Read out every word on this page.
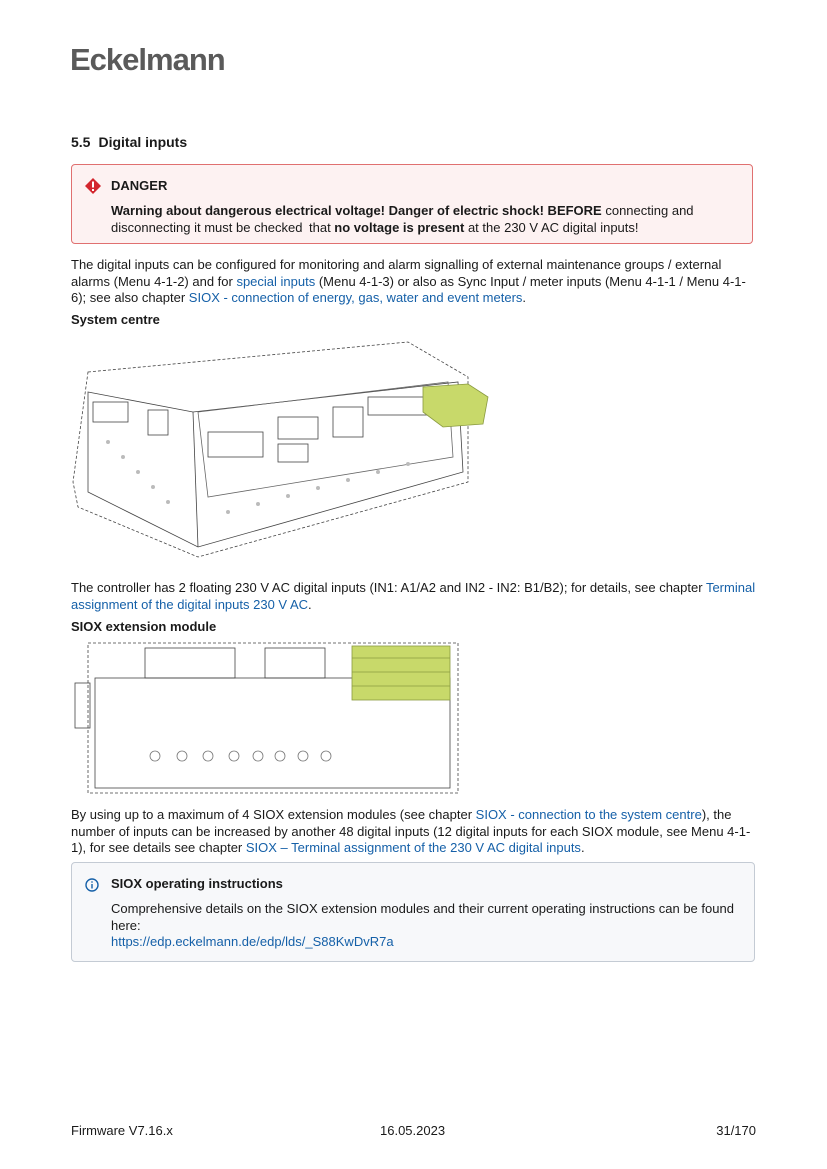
Eckelmann
5.5 Digital inputs
DANGER
Warning about dangerous electrical voltage! Danger of electric shock! BEFORE connecting and disconnecting it must be checked that no voltage is present at the 230 V AC digital inputs!

The digital inputs can be configured for monitoring and alarm signalling of external maintenance groups / external alarms (Menu 4-1-2) and for special inputs (Menu 4-1-3) or also as Sync Input / meter inputs (Menu 4-1-1 / Menu 4-1-6); see also chapter SIOX - connection of energy, gas, water and event meters.

System centre

The controller has 2 floating 230 V AC digital inputs (IN1: A1/A2 and IN2 - IN2: B1/B2); for details, see chapter Terminal assignment of the digital inputs 230 V AC.

SIOX extension module

By using up to a maximum of 4 SIOX extension modules (see chapter SIOX - connection to the system centre), the number of inputs can be increased by another 48 digital inputs (12 digital inputs for each SIOX module, see Menu 4-1-1), for see details see chapter SIOX – Terminal assignment of the 230 V AC digital inputs.

SIOX operating instructions
Comprehensive details on the SIOX extension modules and their current operating instructions can be found here:
https://edp.eckelmann.de/edp/lds/_S88KwDvR7a
Firmware V7.16.x	16.05.2023	31/170
